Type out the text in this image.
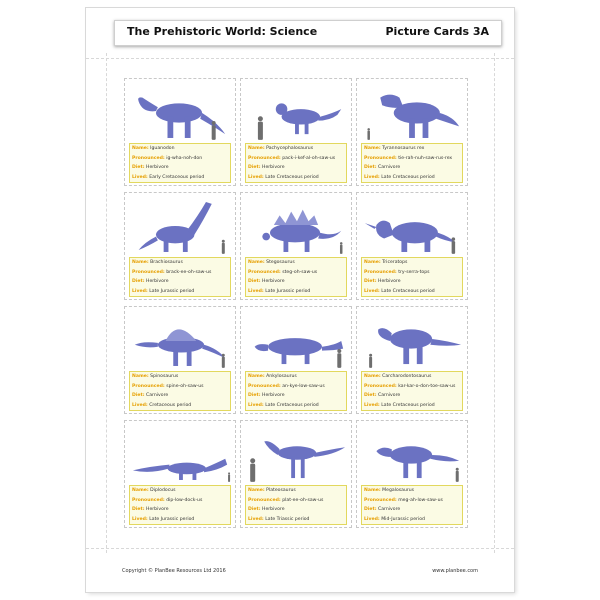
The Prehistoric World: Science	Picture Cards 3A
Name: Iguanodon
Pronounced: ig-wha-noh-don
Diet: Herbivore
Lived: Early Cretaceous period
Name: Pachycephalosaurus
Pronounced: pack-i-kef-al-oh-saw-us
Diet: Herbivore
Lived: Late Cretaceous period
Name: Tyrannosaurus rex
Pronounced: tie-rah-nuh-saw-rus-rex
Diet: Carnivore
Lived: Late Cretaceous period
Name: Brachiosaurus
Pronounced: brack-ee-oh-saw-us
Diet: Herbivore
Lived: Late Jurassic period
Name: Stegosaurus
Pronounced: steg-oh-saw-us
Diet: Herbivore
Lived: Late Jurassic period
Name: Triceratops
Pronounced: try-serra-tops
Diet: Herbivore
Lived: Late Cretaceous period
Name: Spinosaurus
Pronounced: spine-oh-saw-us
Diet: Carnivore
Lived: Cretaceous period
Name: Ankylosaurus
Pronounced: an-kye-low-saw-us
Diet: Herbivore
Lived: Late Cretaceous period
Name: Carcharodontosaurus
Pronounced: kar-kar-o-don-toe-saw-us
Diet: Carnivore
Lived: Late Cretaceous period
Name: Diplodocus
Pronounced: dip-low-dock-us
Diet: Herbivore
Lived: Late Jurassic period
Name: Plateosaurus
Pronounced: plat-ee-oh-saw-us
Diet: Herbivore
Lived: Late Triassic period
Name: Megalosaurus
Pronounced: meg-ah-low-saw-us
Diet: Carnivore
Lived: Mid-Jurassic period
Copyright © PlanBee Resources Ltd 2016	www.planbee.com
